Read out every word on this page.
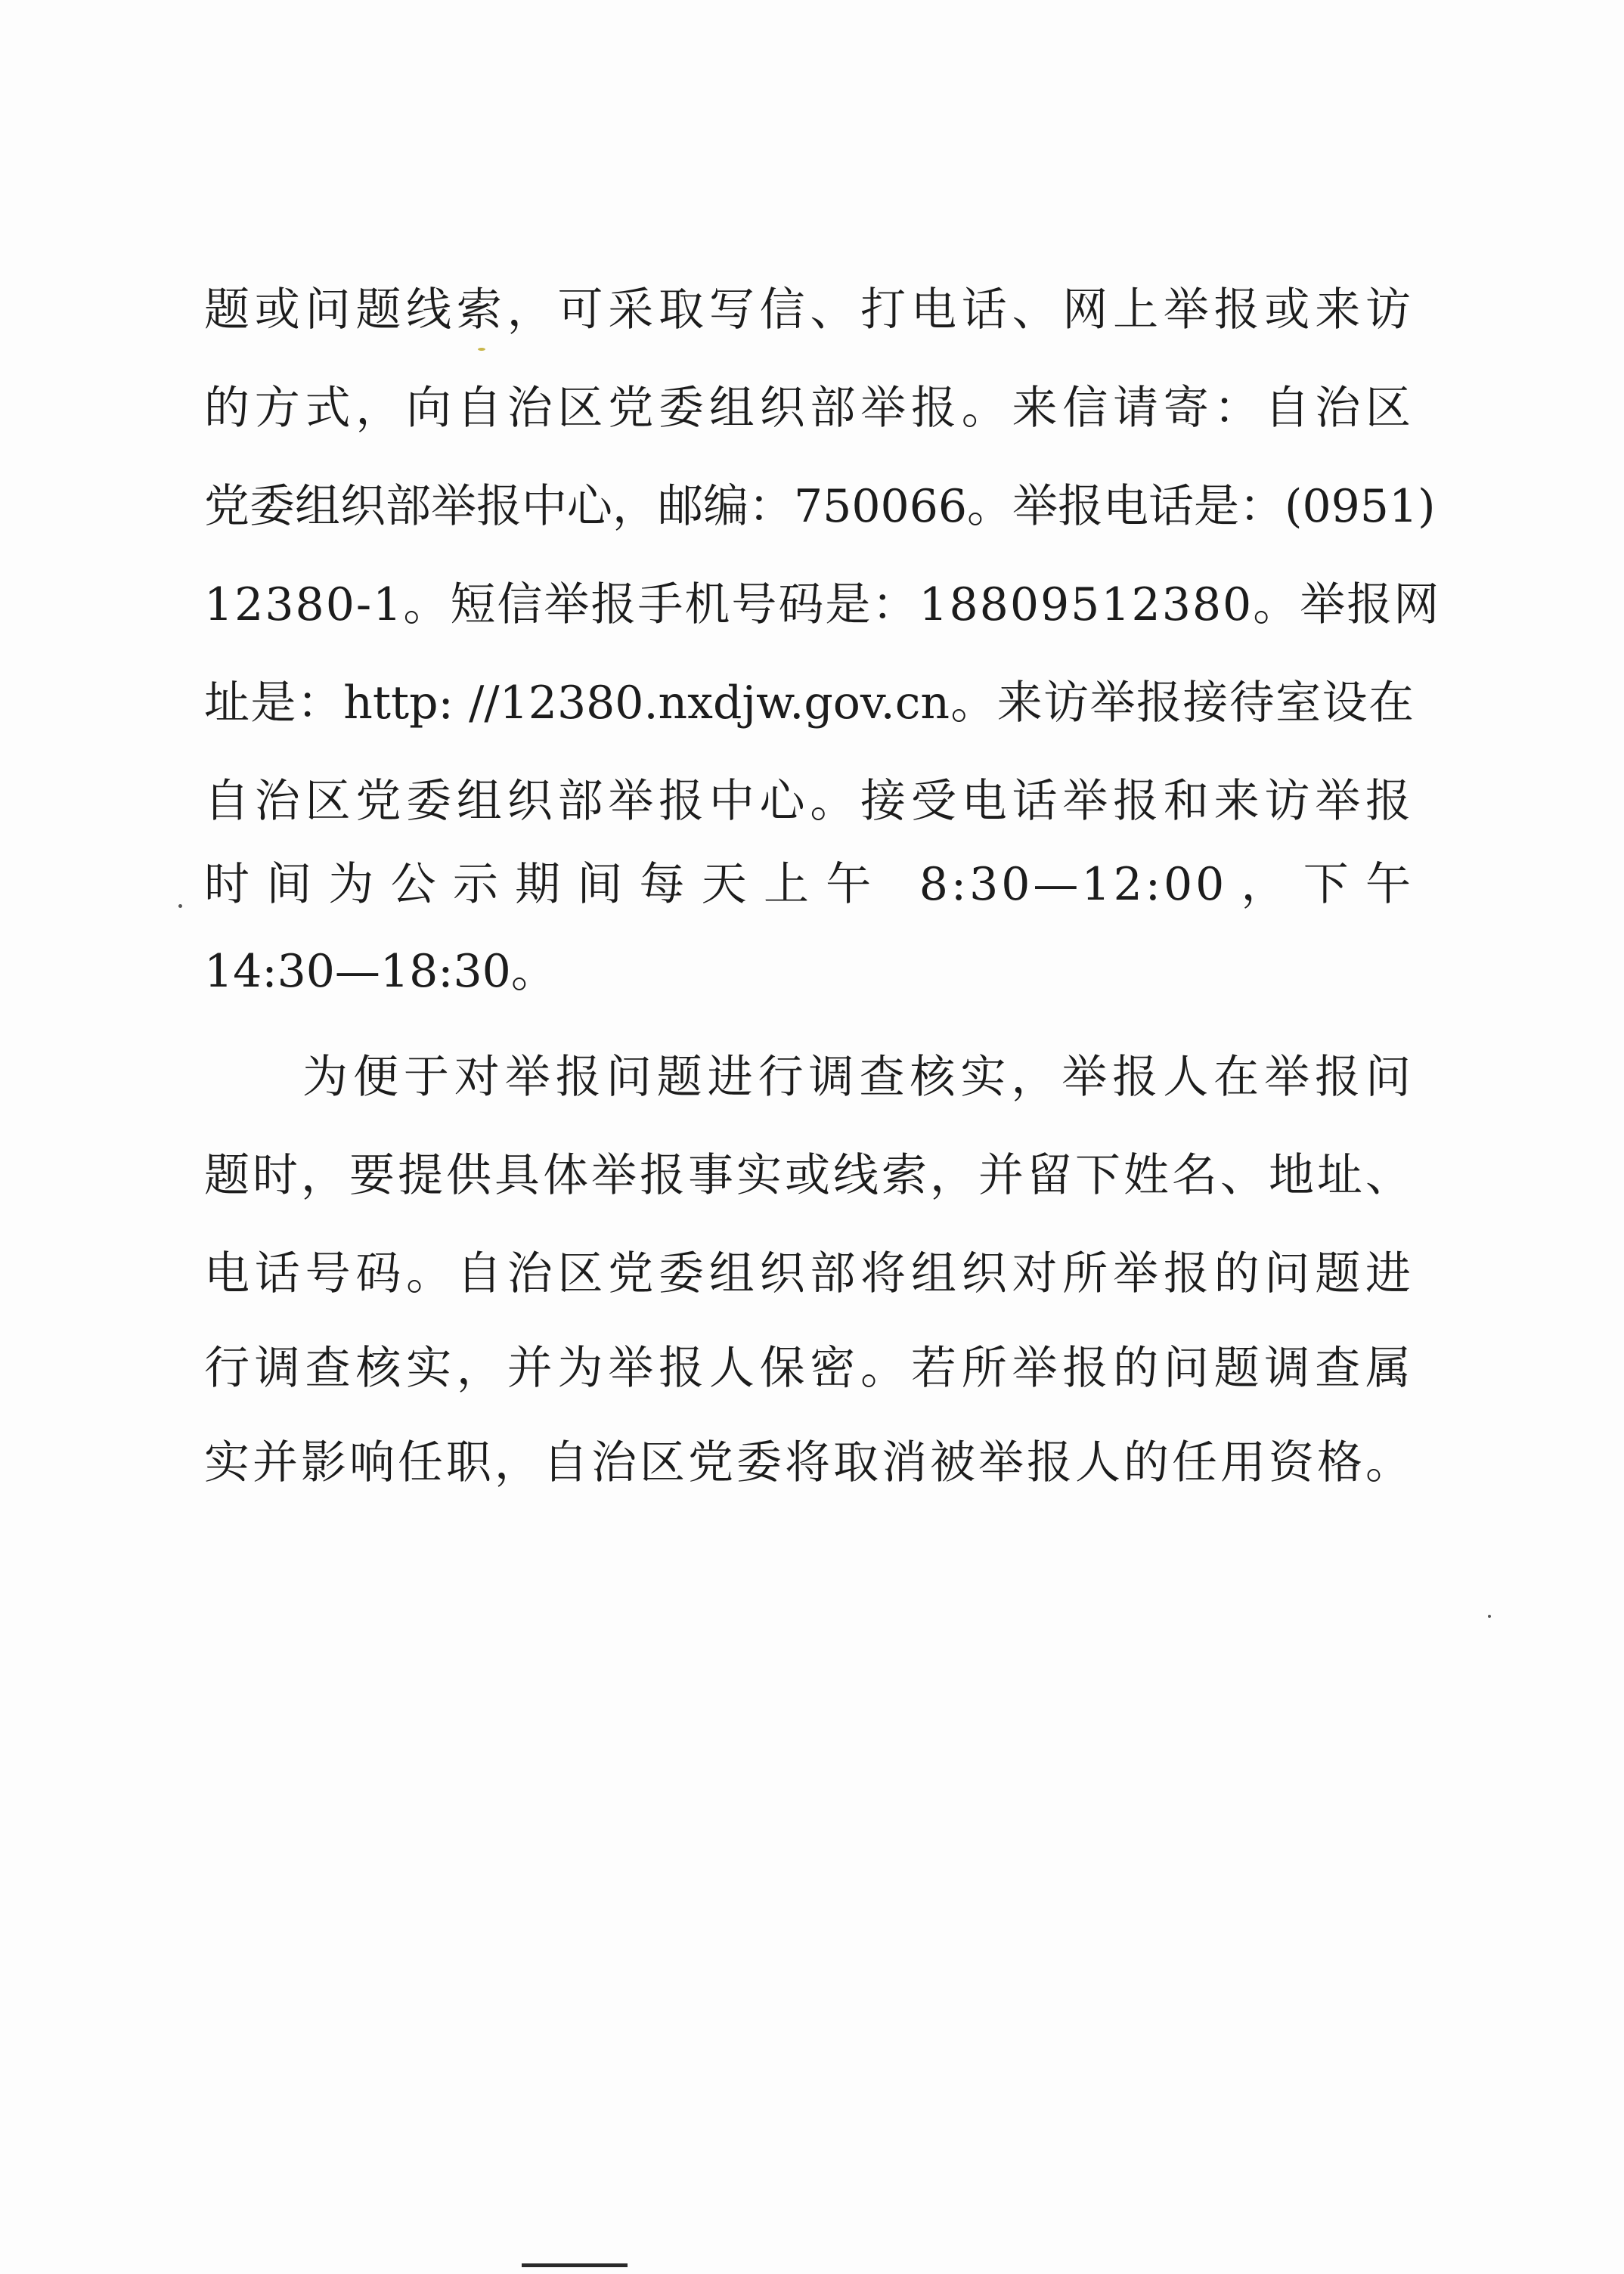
题或问题线索，可采取写信、打电话、网上举报或来访
的方式，向自治区党委组织部举报。来信请寄：自治区
党委组织部举报中心，邮编：750066。举报电话是：(0951)
12380-1。短信举报手机号码是：18809512380。举报网
址是：http: //12380.nxdjw.gov.cn。来访举报接待室设在
自治区党委组织部举报中心。接受电话举报和来访举报
时间为公示期间每天上午 8:30—12:00，下午
14:30—18:30。
为便于对举报问题进行调查核实，举报人在举报问
题时，要提供具体举报事实或线索，并留下姓名、地址、
电话号码。自治区党委组织部将组织对所举报的问题进
行调查核实，并为举报人保密。若所举报的问题调查属
实并影响任职，自治区党委将取消被举报人的任用资格。
